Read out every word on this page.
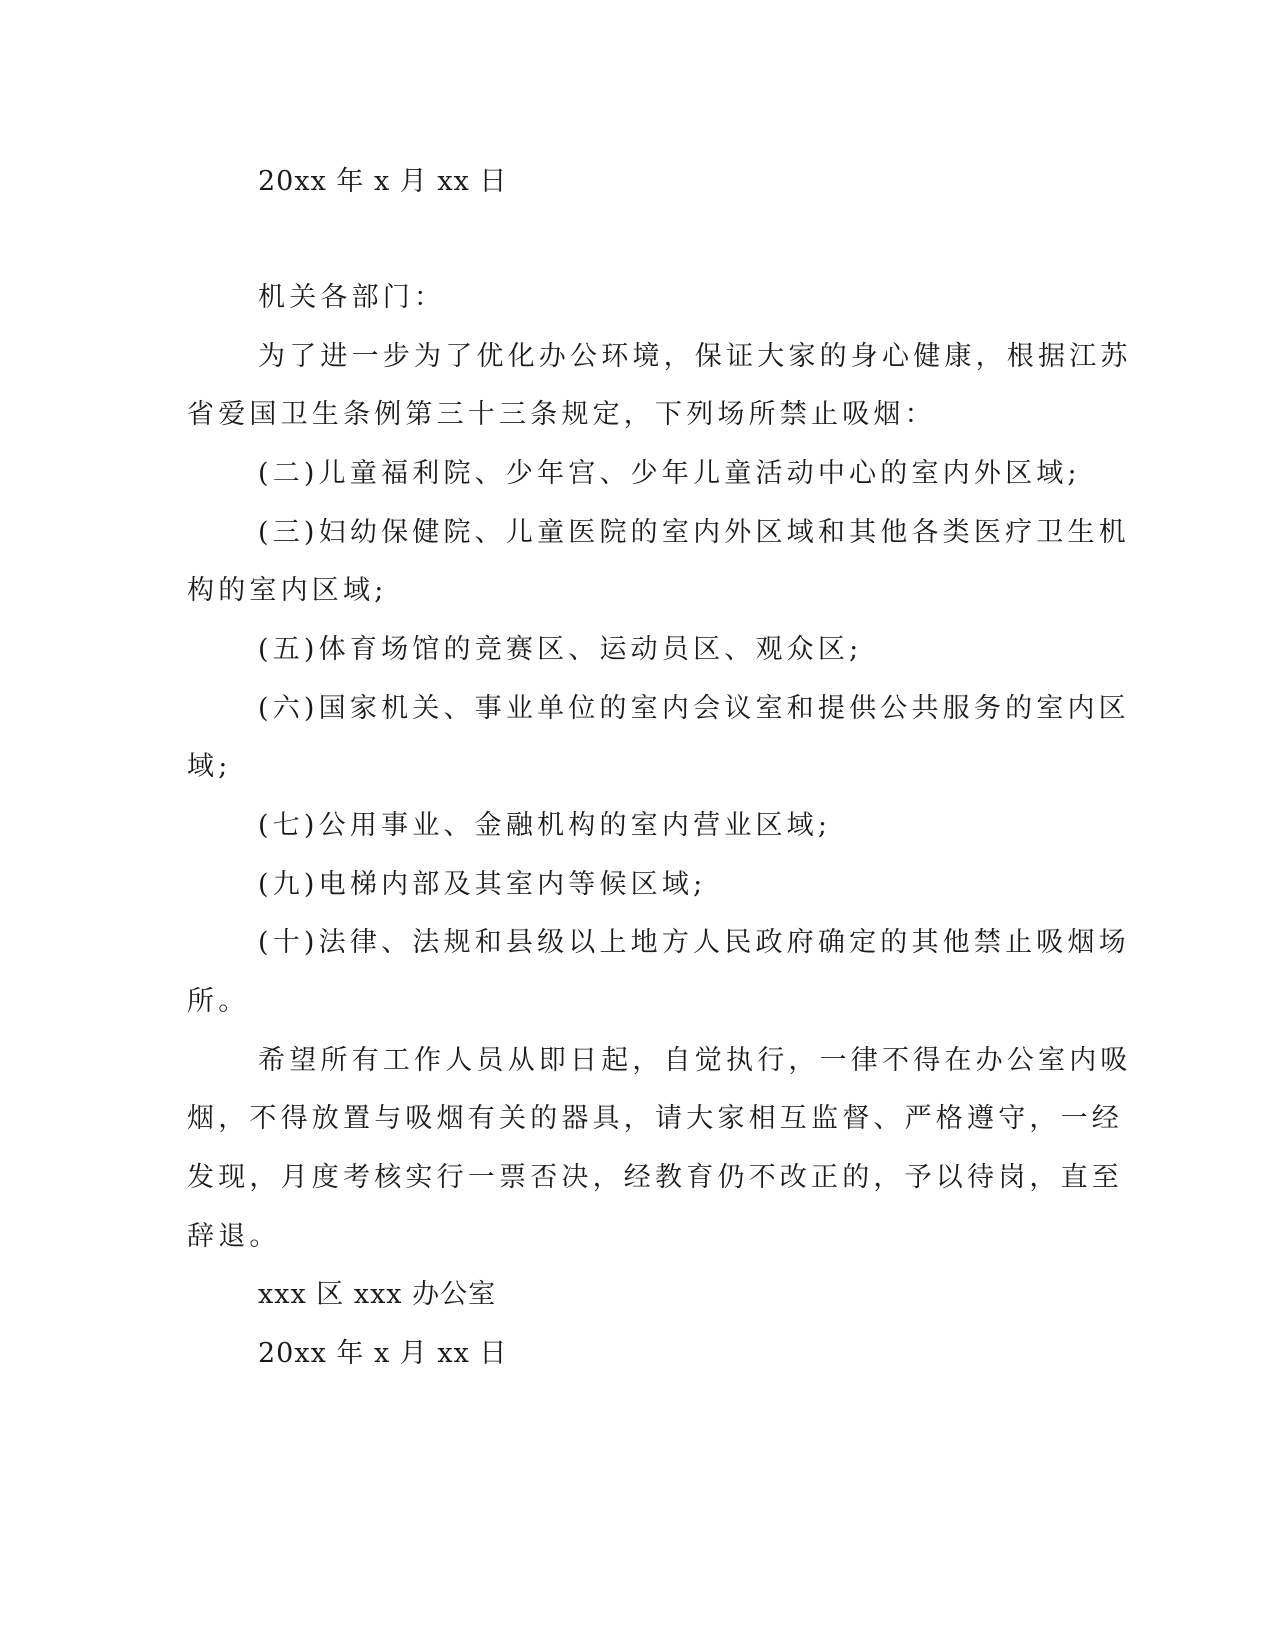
20xx 年 x 月 xx 日
机关各部门：
为了进一步为了优化办公环境，保证大家的身心健康，根据江苏
省爱国卫生条例第三十三条规定，下列场所禁止吸烟：
(二)儿童福利院、少年宫、少年儿童活动中心的室内外区域;
(三)妇幼保健院、儿童医院的室内外区域和其他各类医疗卫生机
构的室内区域;
(五)体育场馆的竞赛区、运动员区、观众区;
(六)国家机关、事业单位的室内会议室和提供公共服务的室内区
域;
(七)公用事业、金融机构的室内营业区域;
(九)电梯内部及其室内等候区域;
(十)法律、法规和县级以上地方人民政府确定的其他禁止吸烟场
所。
希望所有工作人员从即日起，自觉执行，一律不得在办公室内吸
烟，不得放置与吸烟有关的器具，请大家相互监督、严格遵守，一经
发现，月度考核实行一票否决，经教育仍不改正的，予以待岗，直至
辞退。
xxx 区 xxx 办公室
20xx 年 x 月 xx 日
